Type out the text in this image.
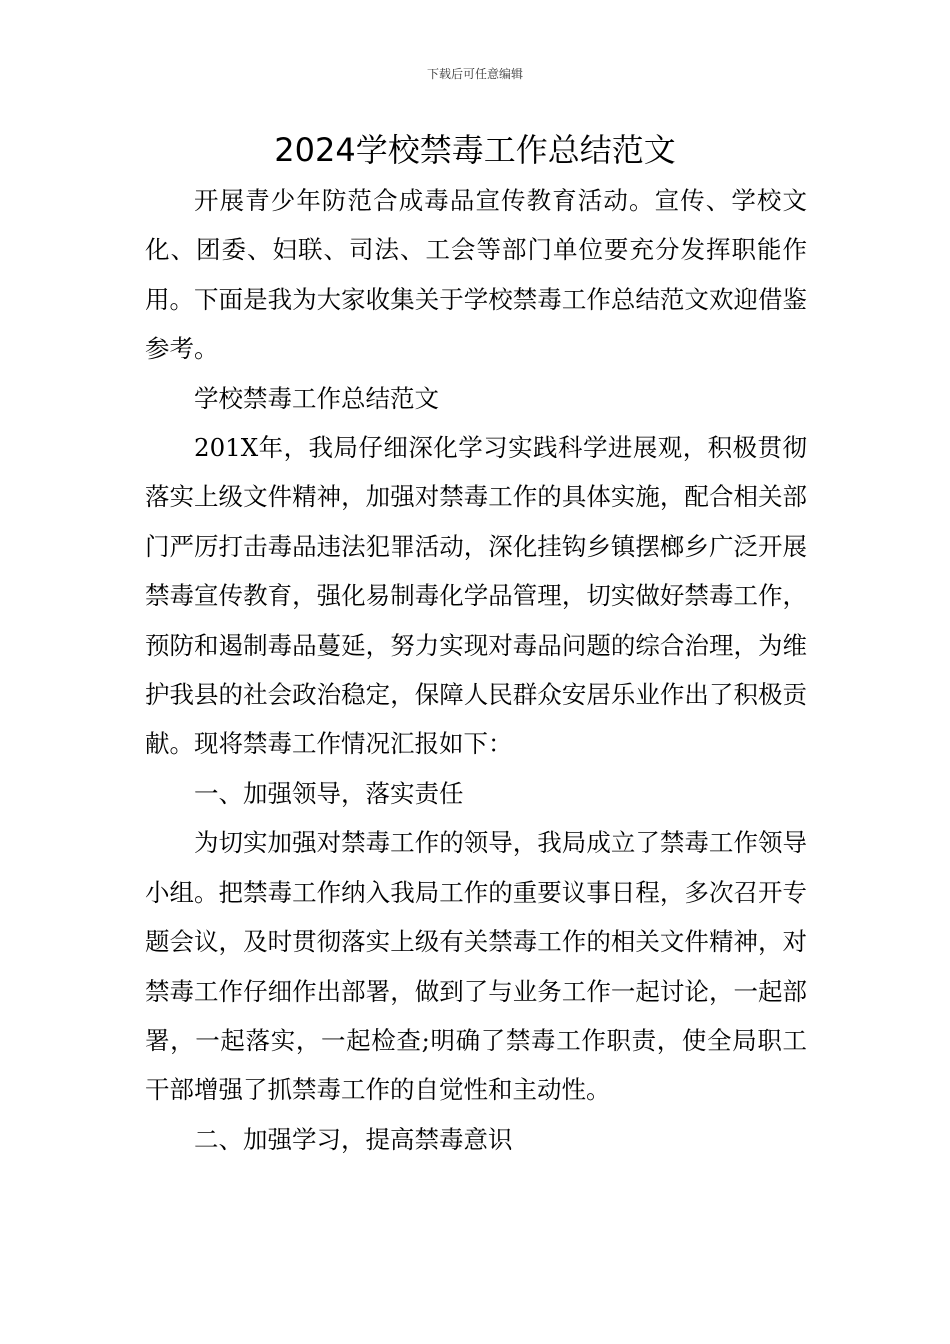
下载后可任意编辑
2024学校禁毒工作总结范文

开展青少年防范合成毒品宣传教育活动。宣传、学校文化、团委、妇联、司法、工会等部门单位要充分发挥职能作用。下面是我为大家收集关于学校禁毒工作总结范文欢迎借鉴参考。

学校禁毒工作总结范文

201X年，我局仔细深化学习实践科学进展观，积极贯彻落实上级文件精神，加强对禁毒工作的具体实施，配合相关部门严厉打击毒品违法犯罪活动，深化挂钩乡镇摆榔乡广泛开展禁毒宣传教育，强化易制毒化学品管理，切实做好禁毒工作，预防和遏制毒品蔓延，努力实现对毒品问题的综合治理，为维护我县的社会政治稳定，保障人民群众安居乐业作出了积极贡献。现将禁毒工作情况汇报如下：

一、加强领导，落实责任

为切实加强对禁毒工作的领导，我局成立了禁毒工作领导小组。把禁毒工作纳入我局工作的重要议事日程，多次召开专题会议，及时贯彻落实上级有关禁毒工作的相关文件精神，对禁毒工作仔细作出部署，做到了与业务工作一起讨论，一起部署，一起落实，一起检查;明确了禁毒工作职责，使全局职工干部增强了抓禁毒工作的自觉性和主动性。

二、加强学习，提高禁毒意识
